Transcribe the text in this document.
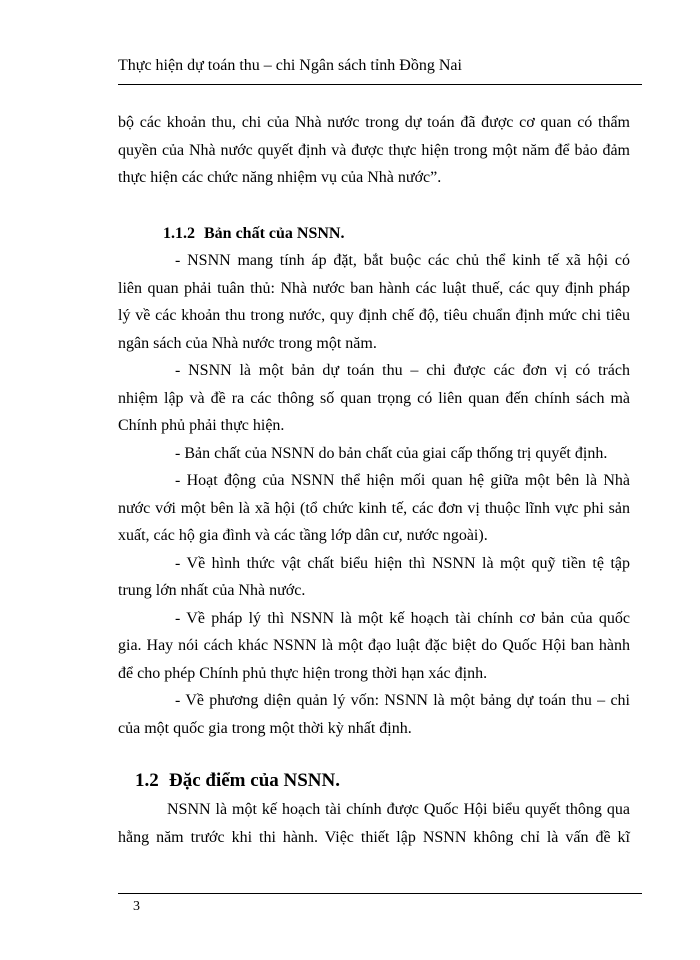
Thực hiện dự toán thu – chi Ngân sách tỉnh Đồng Nai
bộ các khoản thu, chi của Nhà nước trong dự toán đã được cơ quan có thẩm
quyền của Nhà nước quyết định và được thực hiện trong một năm để bảo đảm
thực hiện các chức năng nhiệm vụ của Nhà nước”.
1.1.2 Bản chất của NSNN.
- NSNN mang tính áp đặt, bắt buộc các chủ thể kinh tế xã hội có
liên quan phải tuân thủ: Nhà nước ban hành các luật thuế, các quy định pháp
lý về các khoản thu trong nước, quy định chế độ, tiêu chuẩn định mức chi tiêu
ngân sách của Nhà nước trong một năm.
- NSNN là một bản dự toán thu – chi được các đơn vị có trách
nhiệm lập và đề ra các thông số quan trọng có liên quan đến chính sách mà
Chính phủ phải thực hiện.
- Bản chất của NSNN do bản chất của giai cấp thống trị quyết định.
- Hoạt động của NSNN thể hiện mối quan hệ giữa một bên là Nhà
nước với một bên là xã hội (tổ chức kinh tế, các đơn vị thuộc lĩnh vực phi sản
xuất, các hộ gia đình và các tầng lớp dân cư, nước ngoài).
- Về hình thức vật chất biểu hiện thì NSNN là một quỹ tiền tệ tập
trung lớn nhất của Nhà nước.
- Về pháp lý thì NSNN là một kế hoạch tài chính cơ bản của quốc
gia. Hay nói cách khác NSNN là một đạo luật đặc biệt do Quốc Hội ban hành
để cho phép Chính phủ thực hiện trong thời hạn xác định.
- Về phương diện quản lý vốn: NSNN là một bảng dự toán thu – chi
của một quốc gia trong một thời kỳ nhất định.
1.2 Đặc điểm của NSNN.
NSNN là một kế hoạch tài chính được Quốc Hội biểu quyết thông qua
hằng năm trước khi thi hành. Việc thiết lập NSNN không chỉ là vấn đề kĩ
3
